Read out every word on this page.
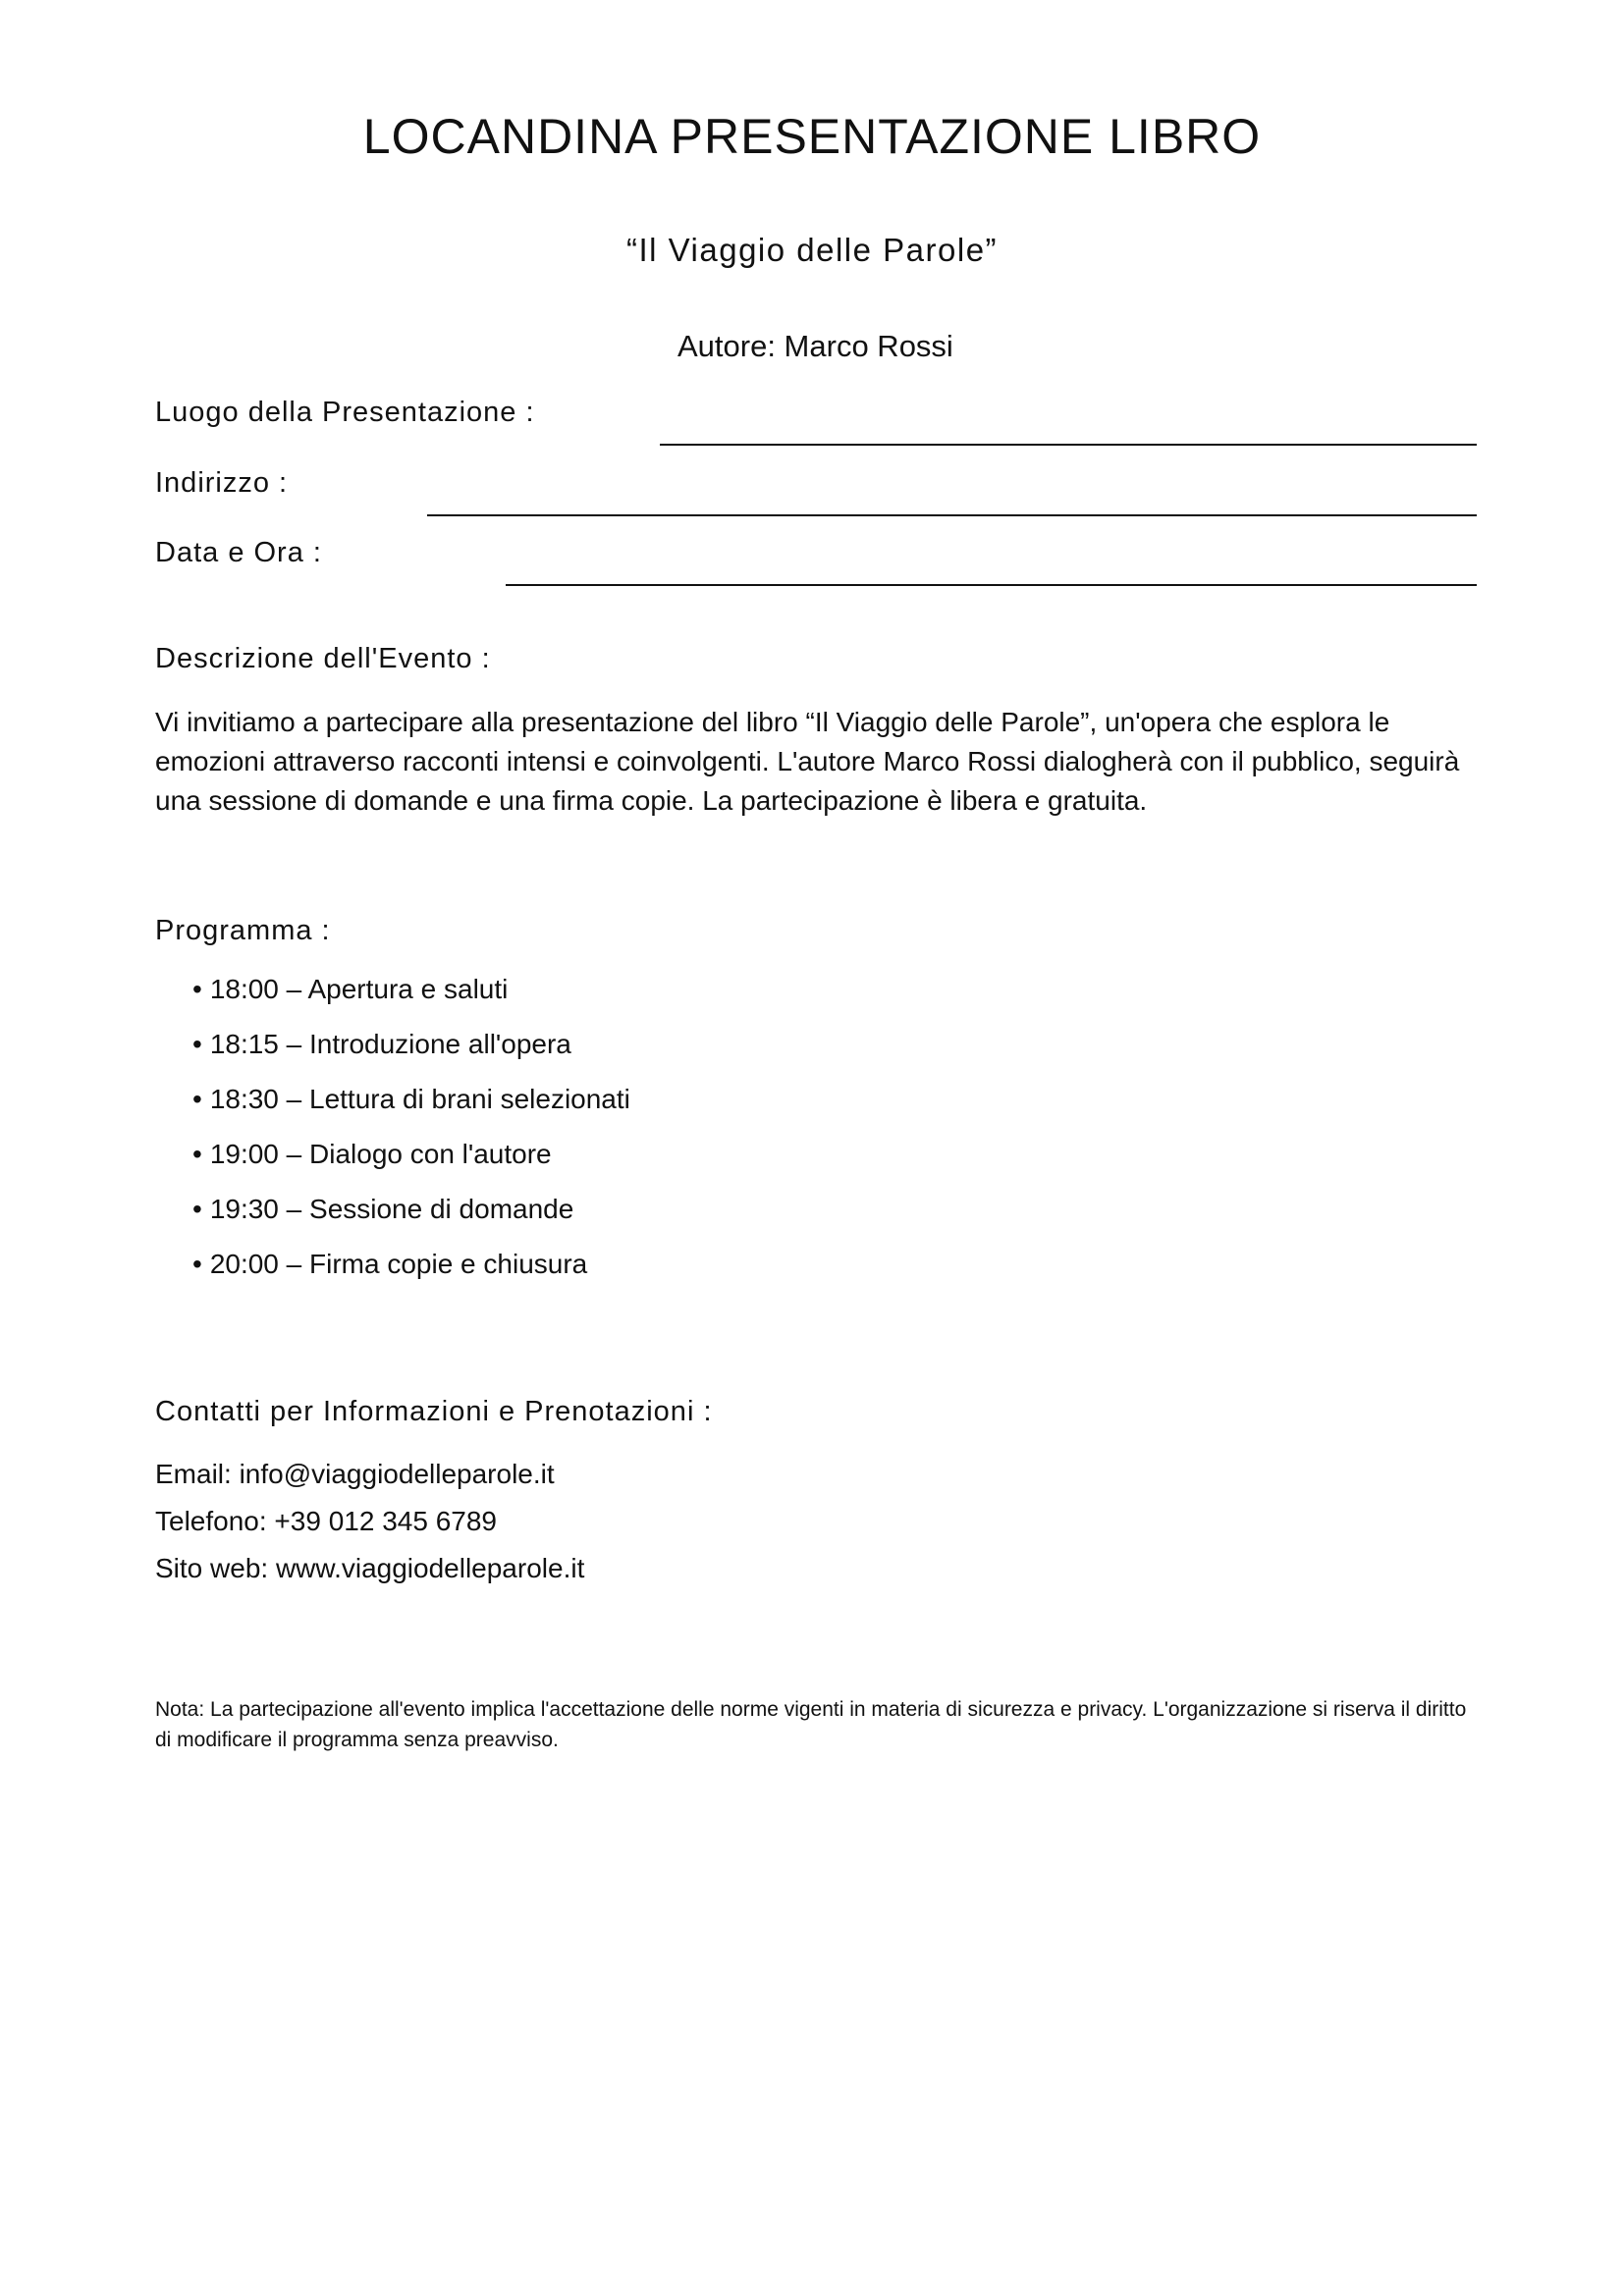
LOCANDINA PRESENTAZIONE LIBRO
“Il Viaggio delle Parole”
Autore: Marco Rossi
Luogo della Presentazione :
Indirizzo :
Data e Ora :
Descrizione dell'Evento :

Vi invitiamo a partecipare alla presentazione del libro “Il Viaggio delle Parole”, un'opera che esplora le emozioni attraverso racconti intensi e coinvolgenti. L'autore Marco Rossi dialogherà con il pubblico, seguirà una sessione di domande e una firma copie. La partecipazione è libera e gratuita.

Programma :
• 18:00 – Apertura e saluti
• 18:15 – Introduzione all'opera
• 18:30 – Lettura di brani selezionati
• 19:00 – Dialogo con l'autore
• 19:30 – Sessione di domande
• 20:00 – Firma copie e chiusura
Contatti per Informazioni e Prenotazioni :
Email: info@viaggiodelleparole.it
Telefono: +39 012 345 6789
Sito web: www.viaggiodelleparole.it

Nota: La partecipazione all'evento implica l'accettazione delle norme vigenti in materia di sicurezza e privacy. L'organizzazione si riserva il diritto di modificare il programma senza preavviso.
